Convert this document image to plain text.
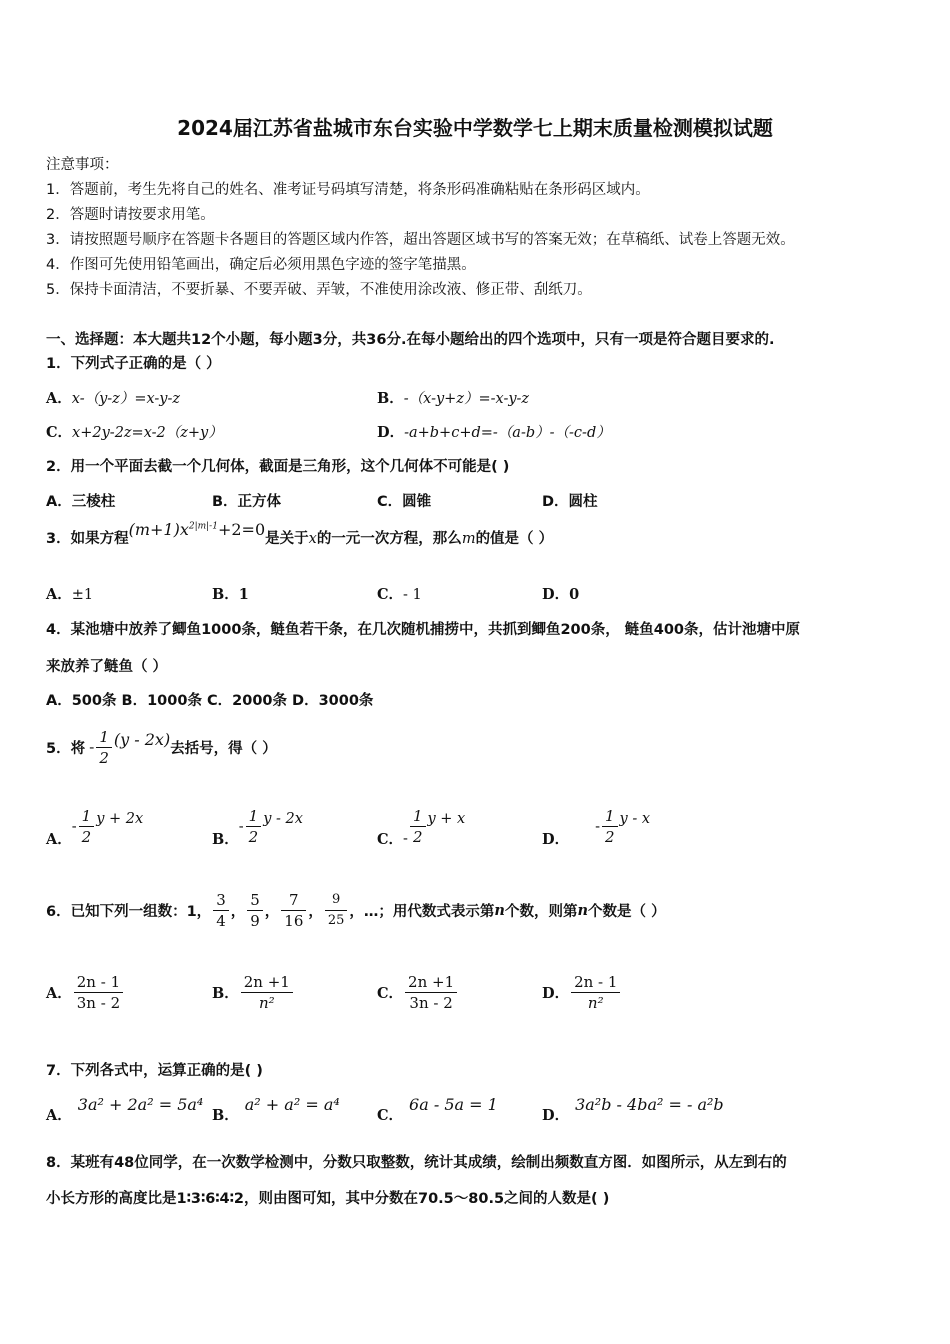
2024届江苏省盐城市东台实验中学数学七上期末质量检测模拟试题
注意事项：
1．答题前，考生先将自己的姓名、准考证号码填写清楚，将条形码准确粘贴在条形码区域内。
2．答题时请按要求用笔。
3．请按照题号顺序在答题卡各题目的答题区域内作答，超出答题区域书写的答案无效；在草稿纸、试卷上答题无效。
4．作图可先使用铅笔画出，确定后必须用黑色字迹的签字笔描黑。
5．保持卡面清洁，不要折暴、不要弄破、弄皱，不准使用涂改液、修正带、刮纸刀。
一、选择题：本大题共12个小题，每小题3分，共36分.在每小题给出的四个选项中，只有一项是符合题目要求的.
1．下列式子正确的是（ ）
A．x-（y-z）=x-y-z	B．-（x-y+z）=-x-y-z
C．x+2y-2z=x-2（z+y）	D．-a+b+c+d=-（a-b）-（-c-d）
2．用一个平面去截一个几何体，截面是三角形，这个几何体不可能是( )
A．三棱柱	B．正方体	C．圆锥	D．圆柱
3．如果方程$(m+1)x^{2|m|-1}+2=0$是关于x的一元一次方程，那么m的值是（ ）
A．±1	B．1	C．- 1	D．0
4．某池塘中放养了鲫鱼1000条，鲢鱼若干条，在几次随机捕捞中，共抓到鲫鱼200条， 鲢鱼400条，估计池塘中原
来放养了鲢鱼（ ）
A．500条 B．1000条 C．2000条 D．3000条
5．将 - $\frac{1}{2} (y - 2x)$去括号，得（ ）
A．- $\frac{1}{2}$ y + 2x
B．- $\frac{1}{2}$ y - 2x
C．- $\frac{1}{2}$ y + x
D．- $\frac{1}{2}$ y - x
6．已知下列一组数：1， $\frac{3}{4}$ ， $\frac{5}{9}$ ， $\frac{7}{16}$ ， $\frac{9}{25}$ ，…；用代数式表示第n个数，则第n个数是（ ）
A． $\frac{2n - 1}{3n - 2}$	B． $\frac{2n +1}{\text{n²}}$	C． $\frac{2n +1}{3n - 2}$	D． $\frac{2n - 1}{\text{n²}}$
7．下列各式中，运算正确的是( )
A．3a² + 2a² = 5a⁴
B．a² + a² = a⁴
C．6a - 5a = 1
D．3a²b - 4ba² = - a²b
8．某班有48位同学，在一次数学检测中，分数只取整数，统计其成绩，绘制出频数直方图．如图所示，从左到右的
小长方形的高度比是1∶3∶6∶4∶2，则由图可知，其中分数在70.5～80.5之间的人数是( )
